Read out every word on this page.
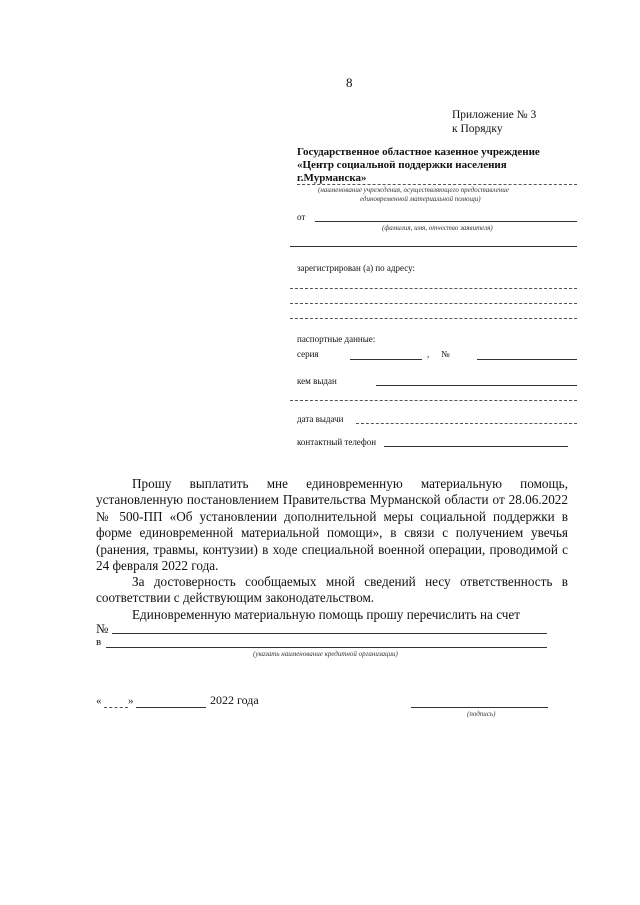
8
Приложение № 3
к Порядку
Государственное областное казенное учреждение
«Центр социальной поддержки населения
г.Мурманска»
(наименование учреждения, осуществляющего предоставление
единовременной материальной помощи)
от
(фамилия, имя, отчество заявителя)
зарегистрирован (а) по адресу:
паспортные данные:
серия	, №
кем выдан
дата выдачи
контактный телефон
Прошу выплатить мне единовременную материальную помощь, установленную постановлением Правительства Мурманской области от 28.06.2022 № 500-ПП «Об установлении дополнительной меры социальной поддержки в форме единовременной материальной помощи», в связи с получением увечья (ранения, травмы, контузии) в ходе специальной военной операции, проводимой с 24 февраля 2022 года.
За достоверность сообщаемых мной сведений несу ответственность в соответствии с действующим законодательством.
Единовременную материальную помощь прошу перечислить на счет
№
в
(указать наименование кредитной организации)
« »	2022 года
(подпись)
